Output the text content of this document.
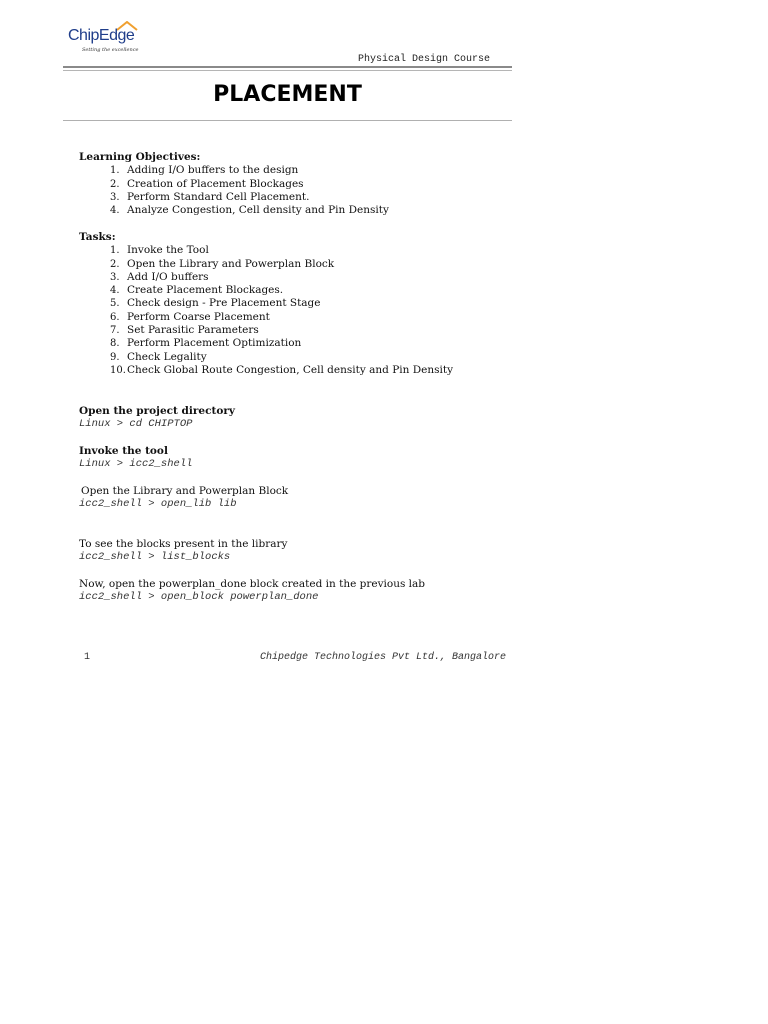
ChipEdge
Setting the excellence
Physical Design Course
PLACEMENT
Learning Objectives:
1. Adding I/O buffers to the design
2. Creation of Placement Blockages
3. Perform Standard Cell Placement.
4. Analyze Congestion, Cell density and Pin Density
Tasks:
1. Invoke the Tool
2. Open the Library and Powerplan Block
3. Add I/O buffers
4. Create Placement Blockages.
5. Check design - Pre Placement Stage
6. Perform Coarse Placement
7. Set Parasitic Parameters
8. Perform Placement Optimization
9. Check Legality
10. Check Global Route Congestion, Cell density and Pin Density
Open the project directory
Linux > cd CHIPTOP
Invoke the tool
Linux > icc2_shell
Open the Library and Powerplan Block
icc2_shell > open_lib lib
To see the blocks present in the library
icc2_shell > list_blocks
Now, open the powerplan_done block created in the previous lab
icc2_shell > open_block powerplan_done
1	Chipedge Technologies Pvt Ltd., Bangalore
